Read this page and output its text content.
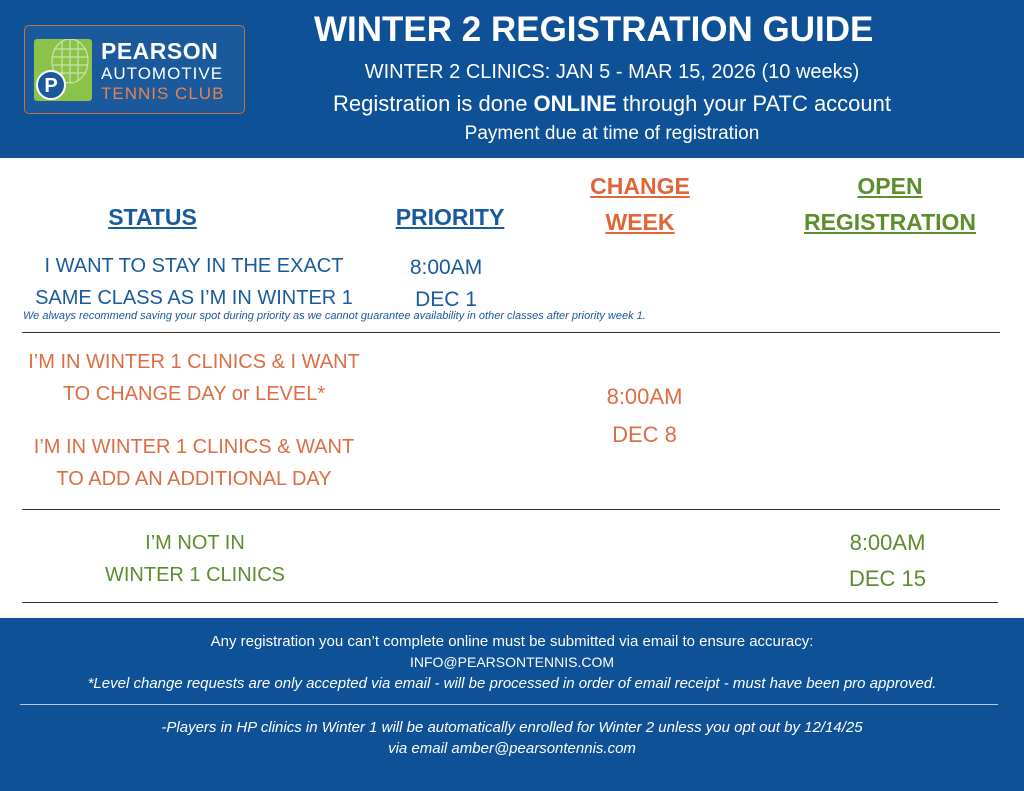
P
PEARSON
AUTOMOTIVE
TENNIS CLUB
WINTER 2 REGISTRATION GUIDE
WINTER 2 CLINICS: JAN 5 - MAR 15, 2026 (10 weeks)
Registration is done ONLINE through your PATC account
Payment due at time of registration
STATUS	PRIORITY
CHANGE
WEEK
OPEN
REGISTRATION
I WANT TO STAY IN THE EXACT
SAME CLASS AS I’M IN WINTER 1
8:00AM
DEC 1
We always recommend saving your spot during priority as we cannot guarantee availability in other classes after priority week 1.
I’M IN WINTER 1 CLINICS & I WANT
TO CHANGE DAY or LEVEL*
I’M IN WINTER 1 CLINICS & WANT
TO ADD AN ADDITIONAL DAY
8:00AM
DEC 8
I’M NOT IN
WINTER 1 CLINICS
8:00AM
DEC 15
Any registration you can’t complete online must be submitted via email to ensure accuracy:
INFO@PEARSONTENNIS.COM
*Level change requests are only accepted via email - will be processed in order of email receipt - must have been pro approved.
-Players in HP clinics in Winter 1 will be automatically enrolled for Winter 2 unless you opt out by 12/14/25
via email amber@pearsontennis.com
